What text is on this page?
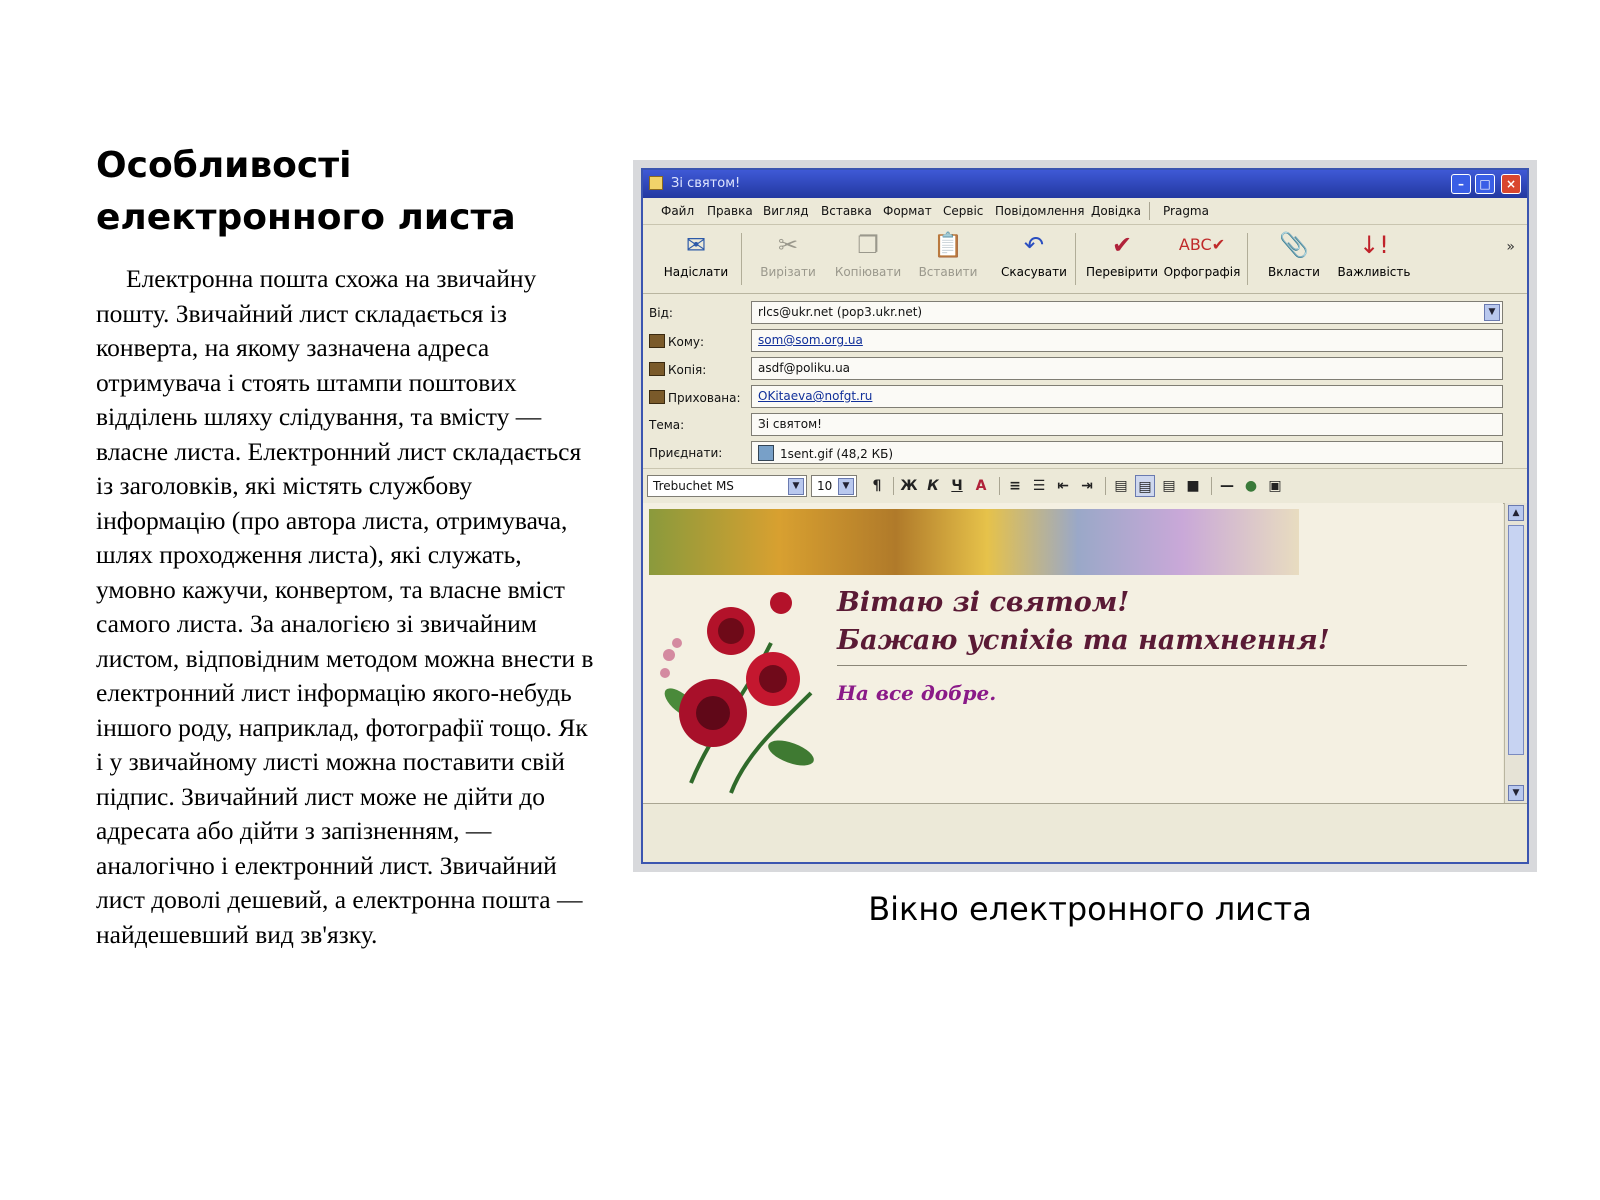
Особливості електронного листа
Електронна пошта схожа на звичайну пошту. Звичайний лист складається із конверта, на якому зазначена адреса отримувача і стоять штампи поштових відділень шляху слідування, та вмісту — власне листа. Електронний лист складається із заголовків, які містять службову інформацію (про автора листа, отримувача, шлях проходження листа), які служать, умовно кажучи, конвертом, та власне вміст самого листа. За аналогією зі звичайним листом, відповідним методом можна внести в електронний лист інформацію якого-небудь іншого роду, наприклад, фотографії тощо. Як і у звичайному листі можна поставити свій підпис. Звичайний лист може не дійти до адресата або дійти з запізненням, — аналогічно і електронний лист. Звичайний лист доволі дешевий, а електронна пошта — найдешевший вид зв'язку.
Зі святом!	–	□	×
Файл Правка Вигляд Вставка Формат Сервіс Повідомлення Довідка Pragma
✉
Надіслати
✂
Вирізати
❐
Копіювати
📋
Вставити
↶
Скасувати
✔
Перевірити
ABC✔
Орфографія
📎
Вкласти
↓!
Важливість
»
Від:	rlcs@ukr.net (pop3.ukr.net)	▼
Кому:	som@som.org.ua
Копія:	asdf@poliku.ua
Прихована:	OKitaeva@nofgt.ru
Тема:	Зі святом!
Приєднати:	1sent.gif (48,2 КБ)
Trebuchet MS	▼	10	▼	¶	Ж К Ч A	≡ ☰ ⇤ ⇥ ▤ ▤ ▤ ■ — ● ▣
Вітаю зі святом!
Бажаю успіхів та натхнення!
На все добре.
▲
▼
Вікно електронного листа
